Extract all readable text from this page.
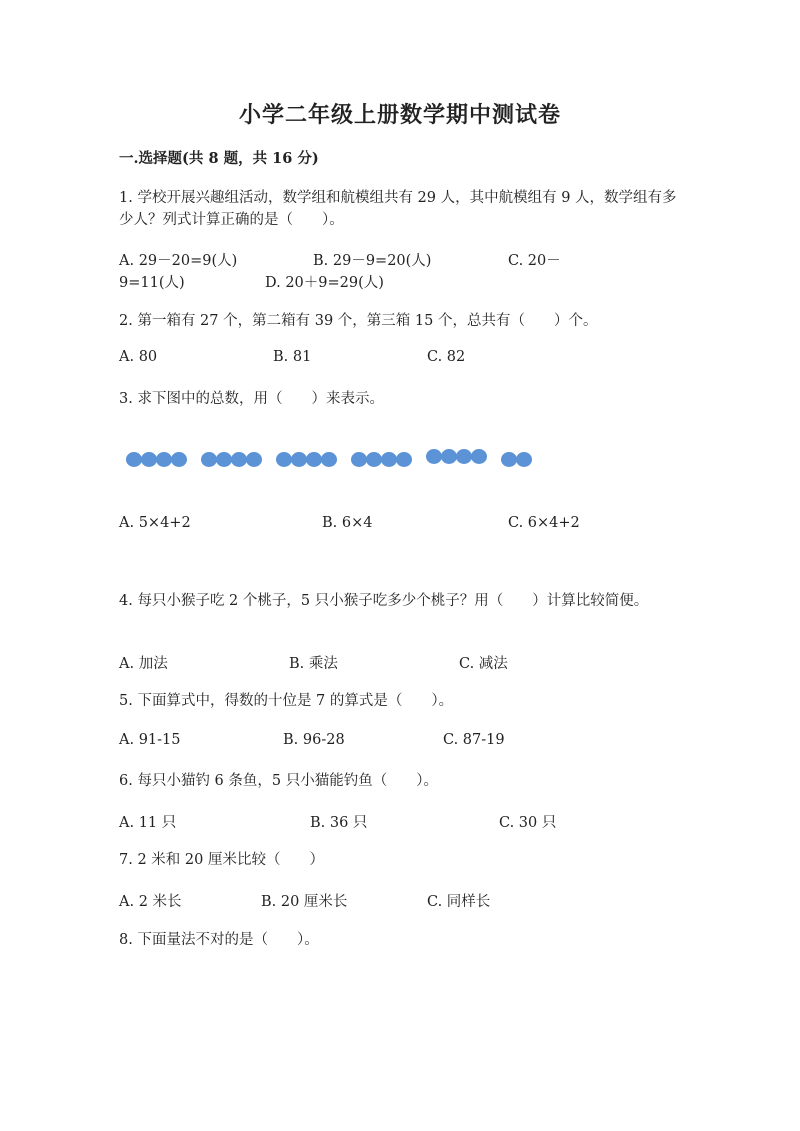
小学二年级上册数学期中测试卷
一.选择题(共 8 题，共 16 分)
1. 学校开展兴趣组活动，数学组和航模组共有 29 人，其中航模组有 9 人，数学组有多少人？列式计算正确的是（　　）。
A. 29－20=9(人)	B. 29－9=20(人)	C. 20－
9=11(人)	D. 20＋9=29(人)
2. 第一箱有 27 个，第二箱有 39 个，第三箱 15 个，总共有（　　）个。
A. 80	B. 81	C. 82
3. 求下图中的总数，用（　　）来表示。
A. 5×4+2	B. 6×4	C. 6×4+2
4. 每只小猴子吃 2 个桃子，5 只小猴子吃多少个桃子？用（　　）计算比较简便。
A. 加法	B. 乘法	C. 减法
5. 下面算式中，得数的十位是 7 的算式是（　　）。
A. 91-15	B. 96-28	C. 87-19
6. 每只小猫钓 6 条鱼，5 只小猫能钓鱼（　　）。
A. 11 只	B. 36 只	C. 30 只
7. 2 米和 20 厘米比较（　　）
A. 2 米长	B. 20 厘米长	C. 同样长
8. 下面量法不对的是（　　）。
